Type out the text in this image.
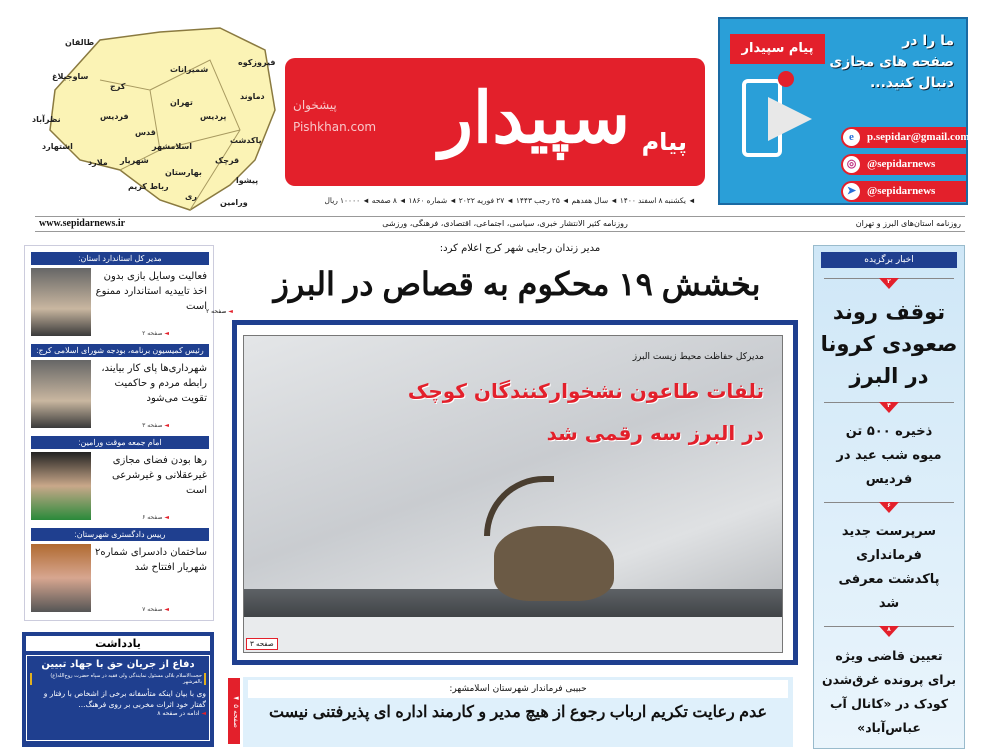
طالقان
ساوجبلاغ
کرج
نظرآباد	فردیس
اشتهارد
ملارد
شمیرانات
تهران
فیروزکوه
دماوند
پردیس
قدس
اسلامشهر
شهریار
بهارستان
رباط کریم
قرچک
پاکدشت
پیشوا
ری
ورامین
سپیدار پیام
پیشخوان
Pishkhan.com
◄ یکشنبه ۸ اسفند ۱۴۰۰ ◄ سال هفدهم ◄ ۲۵ رجب ۱۴۴۳ ◄ ۲۷ فوریه ۲۰۲۲ ◄ شماره ۱۸۶۰ ◄ ۸ صفحه ◄ ۱۰۰۰۰ ریال
پیام سپیدار	ما را در
صفحه های مجازی
دنبال کنید...
e	p.sepidar@gmail.com
◎ @sepidarnews
➤ @sepidarnews
www.sepidarnews.ir	روزنامه کثیر الانتشار خبری، سیاسی، اجتماعی، اقتصادی، فرهنگی، ورزشی	روزنامه استان‌های البرز و تهران
مدیر کل استاندارد استان:
فعالیت وسایل بازی بدون اخذ تاییدیه استاندارد ممنوع است
◄ صفحه ۲
رئیس کمیسیون برنامه، بودجه شورای اسلامی کرج:
شهرداری‌ها پای کار بیایند، رابطه مردم و حاکمیت تقویت می‌شود
◄ صفحه ۳
امام جمعه موقت ورامین:
رها بودن فضای مجازی غیرعقلانی و غیرشرعی است
◄ صفحه ۶
رییس دادگستری شهرستان:
ساختمان دادسرای شماره۲ شهریار افتتاح شد
◄ صفحه ۷
یادداشت
دفاع از جریان حق با جهاد تبیین
حجت‌الاسلام بلالی مسئول نمایندگی ولی فقیه در سپاه حضرت روح‌الله(ع) بالفرشهر
وی با بیان اینکه متأسفانه برخی از اشخاص با رفتار و گفتار خود اثرات مخربی بر روی فرهنگ...
◄ ادامه در صفحه ۸
مدیر زندان رجایی شهر کرج اعلام کرد:
بخشش ۱۹ محکوم به قصاص در البرز
◄ صفحه ۲
مدیرکل حفاظت محیط زیست البرز
تلفات طاعون نشخوارکنندگان کوچک
در البرز سه رقمی شد
صفحه ۳
◄ صفحه ۵
حبیبی فرماندار شهرستان اسلامشهر:
عدم رعایت تکریم ارباب رجوع از هیچ مدیر و کارمند اداره ای پذیرفتنی نیست
اخبار برگزیده
۲
توقف روند صعودی کرونا در البرز
۴
ذخیره ۵۰۰ تن میوه شب عید در فردیس
۶
سرپرست جدید فرمانداری پاکدشت معرفی شد
۸
تعیین قاضی ویژه برای پرونده غرق‌شدن کودک در «کانال آب عباس‌آباد»
